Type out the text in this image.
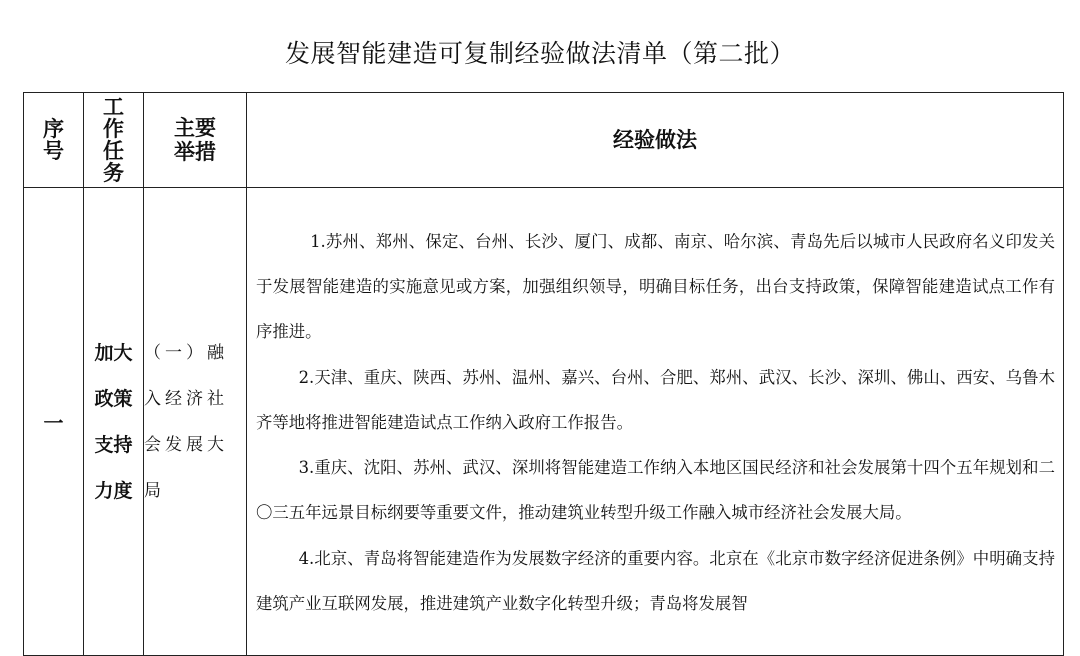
发展智能建造可复制经验做法清单（第二批）
序号	工作任务	主要举措	经验做法

一	加大政策支持力度	（一）融入经济社会发展大局	1.苏州、​郑州、​保定、​台州、​长沙、​厦门、​成都、​南京、​哈尔滨、​青岛先后以城市人民政府名义印发关于发展智能建造的实施意见或方案，​加强组织领导，​明确目标任务，​出台支持政策，​保障智能建造试点工作有序推进。​

2.天津、​重庆、​陕西、​苏州、​温州、​嘉兴、​台州、​合肥、​郑州、​武汉、​长沙、​深圳、​佛山、​西安、​乌鲁木齐等地将推进智能建造试点工作纳入政府工作报告。​

3.重庆、​沈阳、​苏州、​武汉、​深圳将智能建造工作纳入本地区国民经济和社会发展第十四个五年规划和二〇三五年远景目标纲要等重要文件，​推动建筑业转型升级工作融入城市经济社会发展大局。​

4.北京、​青岛将智能建造作为发展数字经济的重要内容。​北京在《北京市数字经济促进条例》​中明确支持建筑产业互联网发展，​推进建筑产业数字化转型升级；​青岛将发展智
